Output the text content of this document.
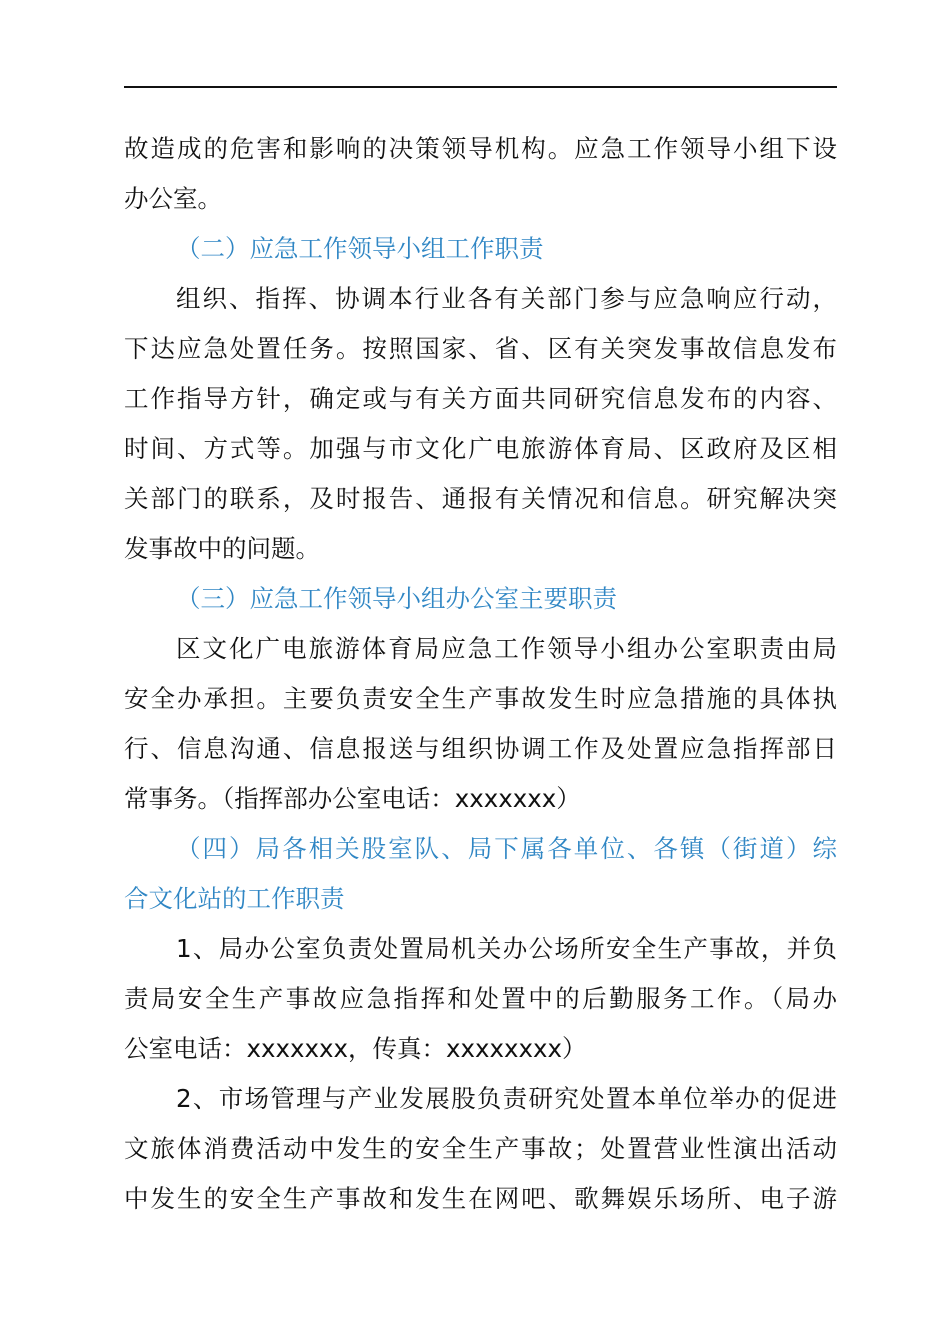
故造成的危害和影响的决策领导机构。应急工作领导小组下设
办公室。
（二）应急工作领导小组工作职责
组织、指挥、协调本行业各有关部门参与应急响应行动，
下达应急处置任务。按照国家、省、区有关突发事故信息发布
工作指导方针，确定或与有关方面共同研究信息发布的内容、
时间、方式等。加强与市文化广电旅游体育局、区政府及区相
关部门的联系，及时报告、通报有关情况和信息。研究解决突
发事故中的问题。
（三）应急工作领导小组办公室主要职责
区文化广电旅游体育局应急工作领导小组办公室职责由局
安全办承担。主要负责安全生产事故发生时应急措施的具体执
行、信息沟通、信息报送与组织协调工作及处置应急指挥部日
常事务。（指挥部办公室电话：xxxxxxx）
（四）局各相关股室队、局下属各单位、各镇（街道）综
合文化站的工作职责
1、局办公室负责处置局机关办公场所安全生产事故，并负
责局安全生产事故应急指挥和处置中的后勤服务工作。（局办
公室电话：xxxxxxx，传真：xxxxxxxx）
2、市场管理与产业发展股负责研究处置本单位举办的促进
文旅体消费活动中发生的安全生产事故；处置营业性演出活动
中发生的安全生产事故和发生在网吧、歌舞娱乐场所、电子游
